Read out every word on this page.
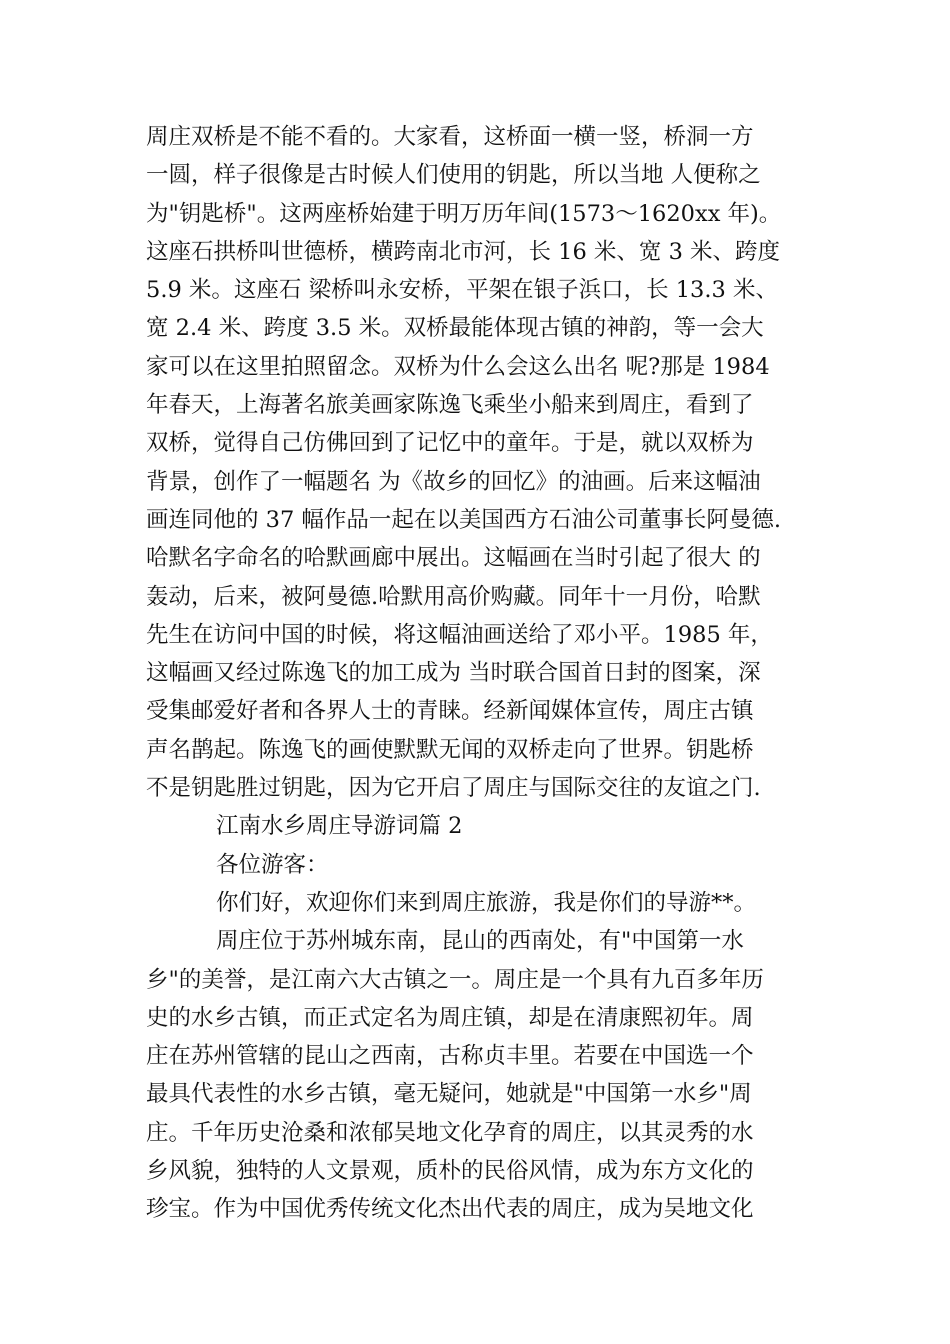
周庄双桥是不能不看的。大家看，这桥面一横一竖，桥洞一方
一圆，样子很像是古时候人们使用的钥匙，所以当地 人便称之
为"钥匙桥"。这两座桥始建于明万历年间(1573～1620xx 年)。
这座石拱桥叫世德桥，横跨南北市河，长 16 米、宽 3 米、跨度
5.9 米。这座石 梁桥叫永安桥，平架在银子浜口，长 13.3 米、
宽 2.4 米、跨度 3.5 米。双桥最能体现古镇的神韵，等一会大
家可以在这里拍照留念。双桥为什么会这么出名 呢?那是 1984
年春天，上海著名旅美画家陈逸飞乘坐小船来到周庄，看到了
双桥，觉得自己仿佛回到了记忆中的童年。于是，就以双桥为
背景，创作了一幅题名 为《故乡的回忆》的油画。后来这幅油
画连同他的 37 幅作品一起在以美国西方石油公司董事长阿曼德.
哈默名字命名的哈默画廊中展出。这幅画在当时引起了很大 的
轰动，后来，被阿曼德.哈默用高价购藏。同年十一月份，哈默
先生在访问中国的时候，将这幅油画送给了邓小平。1985 年，
这幅画又经过陈逸飞的加工成为 当时联合国首日封的图案，深
受集邮爱好者和各界人士的青睐。经新闻媒体宣传，周庄古镇
声名鹊起。陈逸飞的画使默默无闻的双桥走向了世界。钥匙桥
不是钥匙胜过钥匙，因为它开启了周庄与国际交往的友谊之门.
江南水乡周庄导游词篇 2
各位游客：
你们好，欢迎你们来到周庄旅游，我是你们的导游**。
周庄位于苏州城东南，昆山的西南处，有"中国第一水
乡"的美誉，是江南六大古镇之一。周庄是一个具有九百多年历
史的水乡古镇，而正式定名为周庄镇，却是在清康熙初年。周
庄在苏州管辖的昆山之西南，古称贞丰里。若要在中国选一个
最具代表性的水乡古镇，毫无疑问，她就是"中国第一水乡"周
庄。千年历史沧桑和浓郁吴地文化孕育的周庄，以其灵秀的水
乡风貌，独特的人文景观，质朴的民俗风情，成为东方文化的
珍宝。作为中国优秀传统文化杰出代表的周庄，成为吴地文化
